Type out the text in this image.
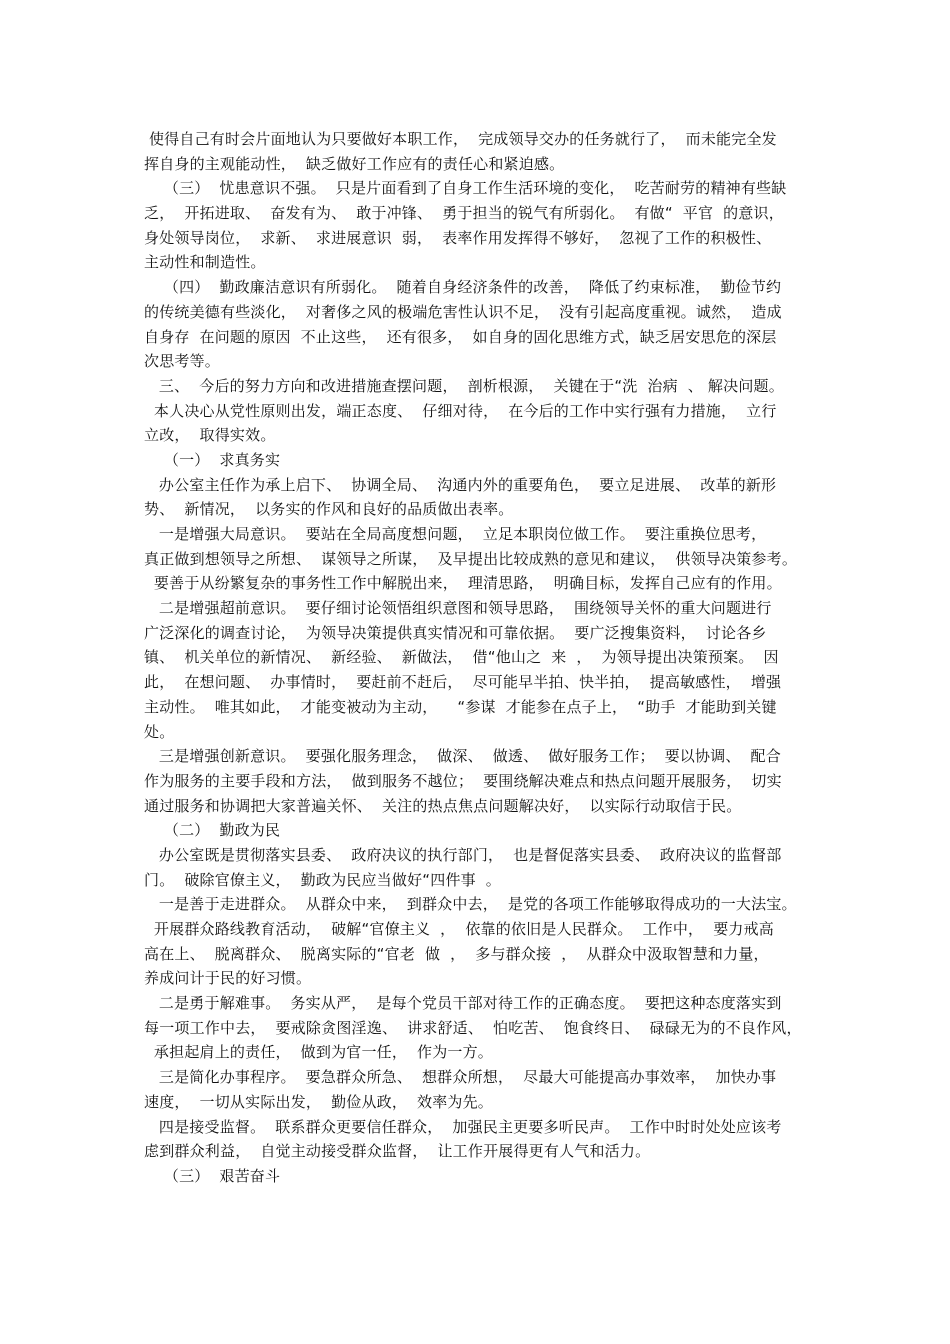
使得自己有时会片面地认为只要做好本职工作，  完成领导交办的任务就行了，  而未能完全发
挥自身的主观能动性，  缺乏做好工作应有的责任心和紧迫感。
（三）  忧患意识不强。  只是片面看到了自身工作生活环境的变化，  吃苦耐劳的精神有些缺
乏，  开拓进取、  奋发有为、  敢于冲锋、  勇于担当的锐气有所弱化。  有做“  平官  的意识，
身处领导岗位，  求新、  求进展意识  弱，  表率作用发挥得不够好，  忽视了工作的积极性、
主动性和制造性。
（四）  勤政廉洁意识有所弱化。  随着自身经济条件的改善，  降低了约束标准，  勤俭节约
的传统美德有些淡化，  对奢侈之风的极端危害性认识不足，  没有引起高度重视。诚然，  造成
自身存  在问题的原因  不止这些，  还有很多，  如自身的固化思维方式，缺乏居安思危的深层
次思考等。
三、  今后的努力方向和改进措施查摆问题，  剖析根源，  关键在于“洗  治病  、 解决问题。
本人决心从党性原则出发，端正态度、  仔细对待，  在今后的工作中实行强有力措施，  立行
立改，  取得实效。
（一）  求真务实
办公室主任作为承上启下、  协调全局、  沟通内外的重要角色，  要立足进展、  改革的新形
势、  新情况，  以务实的作风和良好的品质做出表率。
一是增强大局意识。  要站在全局高度想问题，  立足本职岗位做工作。  要注重换位思考，
真正做到想领导之所想、  谋领导之所谋，  及早提出比较成熟的意见和建议，  供领导决策参考。
要善于从纷繁复杂的事务性工作中解脱出来，  理清思路，  明确目标，发挥自己应有的作用。
二是增强超前意识。  要仔细讨论领悟组织意图和领导思路，  围绕领导关怀的重大问题进行
广泛深化的调查讨论，  为领导决策提供真实情况和可靠依据。  要广泛搜集资料，  讨论各乡
镇、  机关单位的新情况、  新经验、  新做法，  借“他山之  来  ，  为领导提出决策预案。  因
此，  在想问题、  办事情时，  要赶前不赶后，  尽可能早半拍、快半拍，  提高敏感性，  增强
主动性。  唯其如此，  才能变被动为主动，    “参谋  才能参在点子上，  “助手  才能助到关键
处。
三是增强创新意识。  要强化服务理念，  做深、  做透、  做好服务工作；  要以协调、  配合
作为服务的主要手段和方法，  做到服务不越位；  要围绕解决难点和热点问题开展服务，  切实
通过服务和协调把大家普遍关怀、  关注的热点焦点问题解决好，  以实际行动取信于民。
（二）  勤政为民
办公室既是贯彻落实县委、  政府决议的执行部门，  也是督促落实县委、  政府决议的监督部
门。  破除官僚主义，  勤政为民应当做好“四件事  。
一是善于走进群众。  从群众中来，  到群众中去，  是党的各项工作能够取得成功的一大法宝。
开展群众路线教育活动，  破解“官僚主义  ，  依靠的依旧是人民群众。  工作中，  要力戒高
高在上、  脱离群众、  脱离实际的“官老  做  ，  多与群众接  ，  从群众中汲取智慧和力量，
养成问计于民的好习惯。
二是勇于解难事。  务实从严，  是每个党员干部对待工作的正确态度。  要把这种态度落实到
每一项工作中去，  要戒除贪图淫逸、  讲求舒适、  怕吃苦、  饱食终日、  碌碌无为的不良作风，
承担起肩上的责任，  做到为官一任，  作为一方。
三是简化办事程序。  要急群众所急、  想群众所想，  尽最大可能提高办事效率，  加快办事
速度，  一切从实际出发，  勤俭从政，  效率为先。
四是接受监督。  联系群众更要信任群众，  加强民主更要多听民声。  工作中时时处处应该考
虑到群众利益，  自觉主动接受群众监督，  让工作开展得更有人气和活力。
（三）  艰苦奋斗
